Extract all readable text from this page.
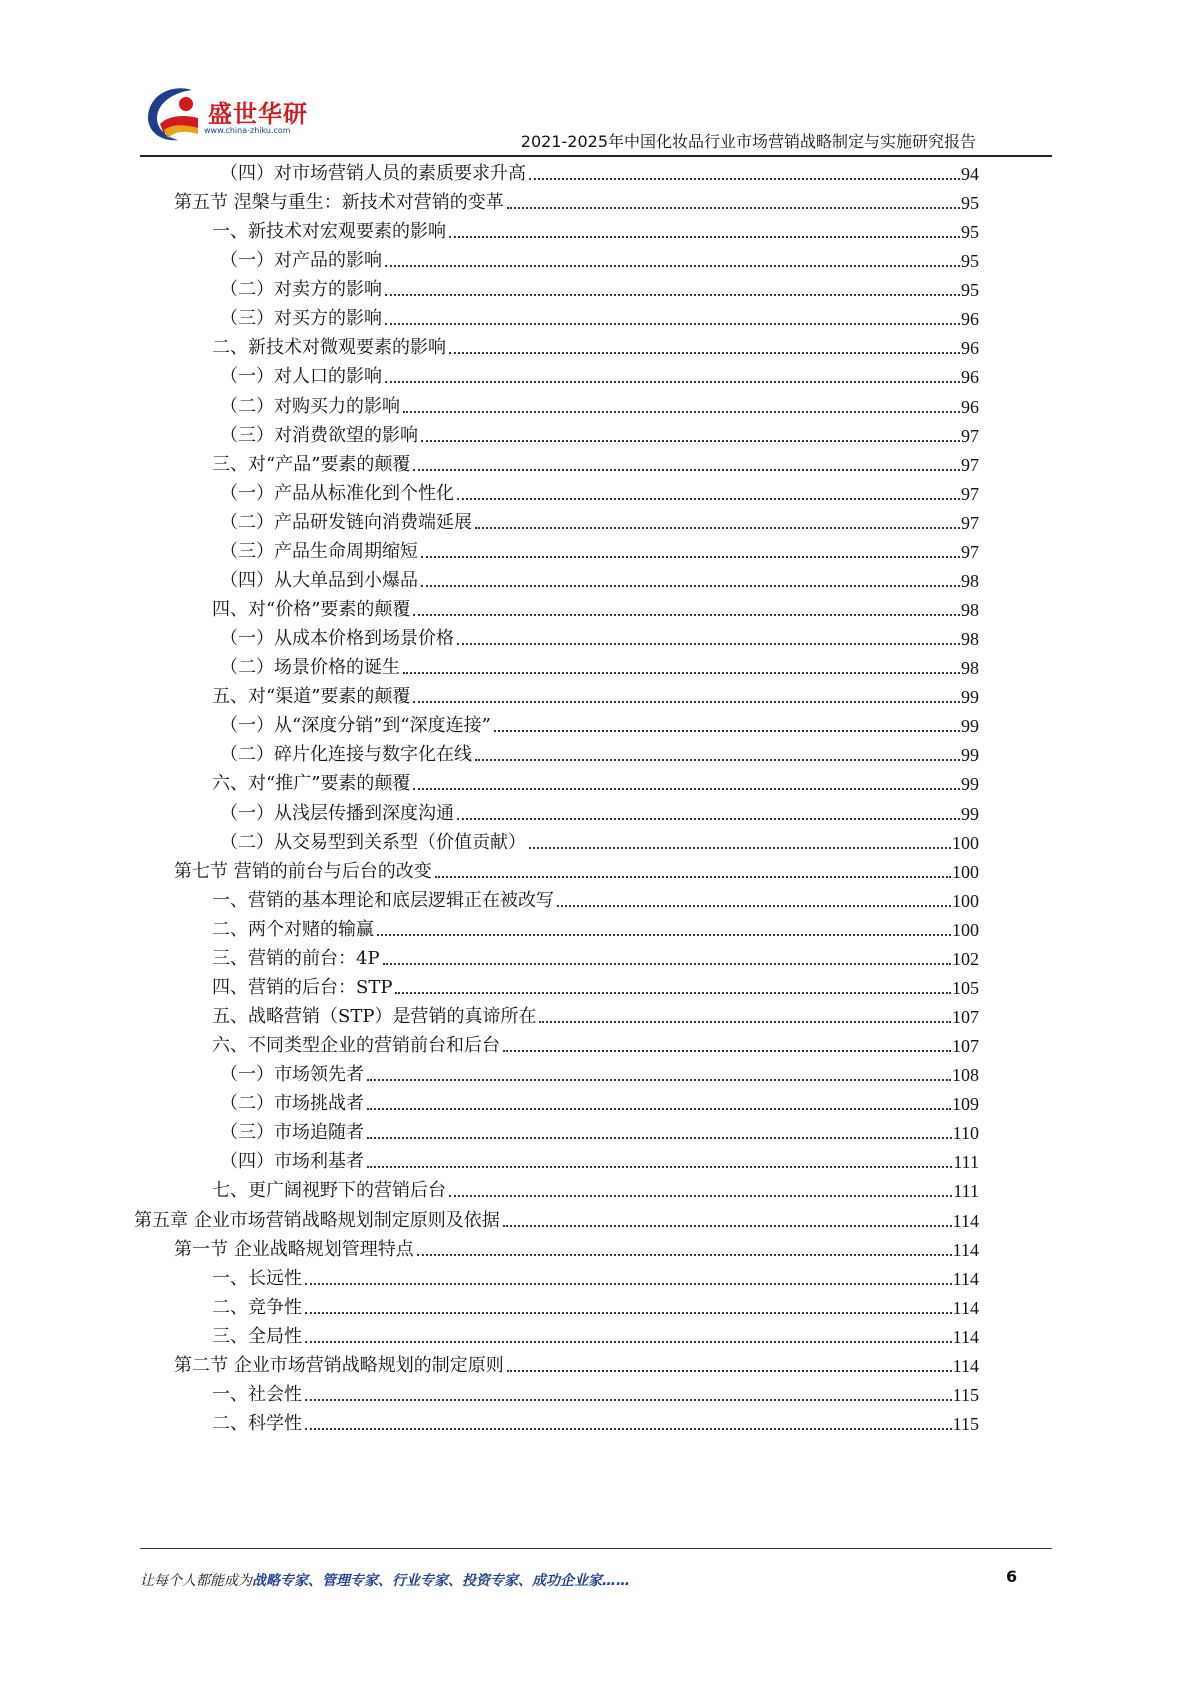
盛世华研
www.china-zhiku.com
2021-2025年中国化妆品行业市场营销战略制定与实施研究报告
（四）对市场营销人员的素质要求升高	94
第五节 涅槃与重生：新技术对营销的变革	95
一、新技术对宏观要素的影响	95
（一）对产品的影响	95
（二）对卖方的影响	95
（三）对买方的影响	96
二、新技术对微观要素的影响	96
（一）对人口的影响	96
（二）对购买力的影响	96
（三）对消费欲望的影响	97
三、对“产品”要素的颠覆	97
（一）产品从标准化到个性化	97
（二）产品研发链向消费端延展	97
（三）产品生命周期缩短	97
（四）从大单品到小爆品	98
四、对“价格”要素的颠覆	98
（一）从成本价格到场景价格	98
（二）场景价格的诞生	98
五、对“渠道”要素的颠覆	99
（一）从“深度分销”到“深度连接”	99
（二）碎片化连接与数字化在线	99
六、对“推广”要素的颠覆	99
（一）从浅层传播到深度沟通	99
（二）从交易型到关系型（价值贡献）	100
第七节 营销的前台与后台的改变	100
一、营销的基本理论和底层逻辑正在被改写	100
二、两个对赌的输赢	100
三、营销的前台：4P	102
四、营销的后台：STP	105
五、战略营销（STP）是营销的真谛所在	107
六、不同类型企业的营销前台和后台	107
（一）市场领先者	108
（二）市场挑战者	109
（三）市场追随者	110
（四）市场利基者	111
七、更广阔视野下的营销后台	111
第五章 企业市场营销战略规划制定原则及依据	114
第一节 企业战略规划管理特点	114
一、长远性	114
二、竞争性	114
三、全局性	114
第二节 企业市场营销战略规划的制定原则	114
一、社会性	115
二、科学性	115
让每个人都能成为战略专家、管理专家、行业专家、投资专家、成功企业家……	6
